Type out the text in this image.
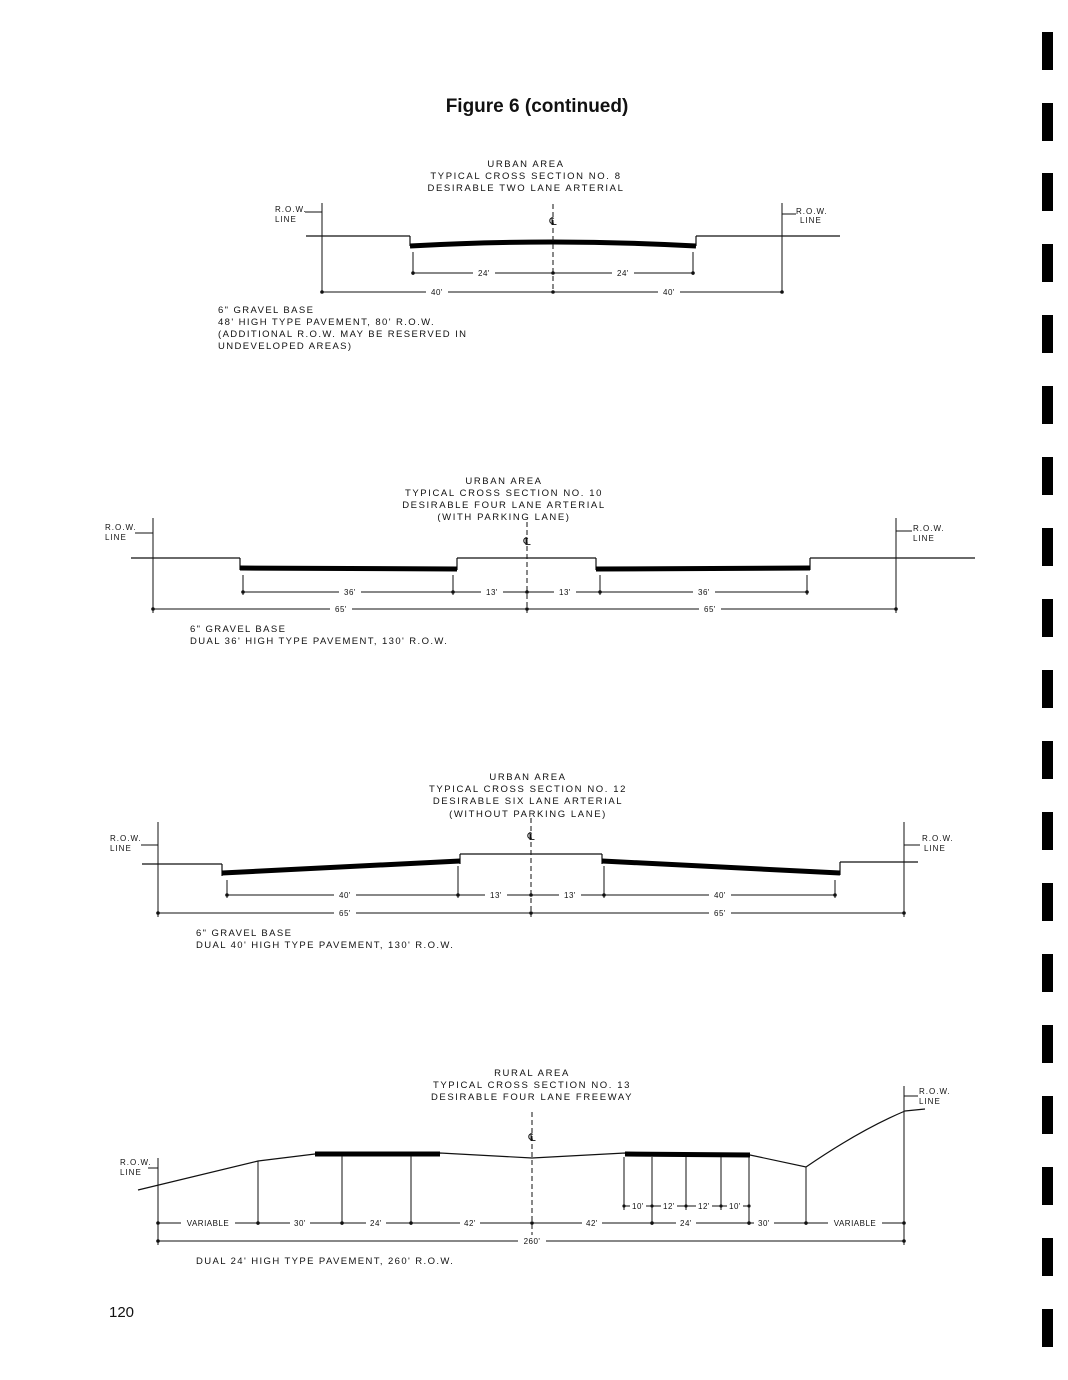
Figure 6 (continued)
URBAN AREA
TYPICAL CROSS SECTION NO. 8
DESIRABLE TWO LANE ARTERIAL
R.O.W.
LINE
R.O.W.
LINE
℄
24'	24'
40'	40'
6" GRAVEL BASE
48' HIGH TYPE PAVEMENT, 80' R.O.W.
(ADDITIONAL R.O.W. MAY BE RESERVED IN
UNDEVELOPED AREAS)
URBAN AREA
TYPICAL CROSS SECTION NO. 10
DESIRABLE FOUR LANE ARTERIAL
(WITH PARKING LANE)
R.O.W.
LINE
R.O.W.
LINE
℄
36'	13'	13'	36'
65'	65'
6" GRAVEL BASE
DUAL 36' HIGH TYPE PAVEMENT, 130' R.O.W.
URBAN AREA
TYPICAL CROSS SECTION NO. 12
DESIRABLE SIX LANE ARTERIAL
(WITHOUT PARKING LANE)
R.O.W.
LINE
R.O.W.
LINE
℄
40'	13'	13'	40'
65'	65'
6" GRAVEL BASE
DUAL 40' HIGH TYPE PAVEMENT, 130' R.O.W.
RURAL AREA
TYPICAL CROSS SECTION NO. 13
DESIRABLE FOUR LANE FREEWAY
R.O.W.
LINE
R.O.W.
LINE
℄
10' 12'	12' 10'
VARIABLE	30'	24'	42'	42'	24'	30'	VARIABLE
260'
DUAL 24' HIGH TYPE PAVEMENT, 260' R.O.W.
120
